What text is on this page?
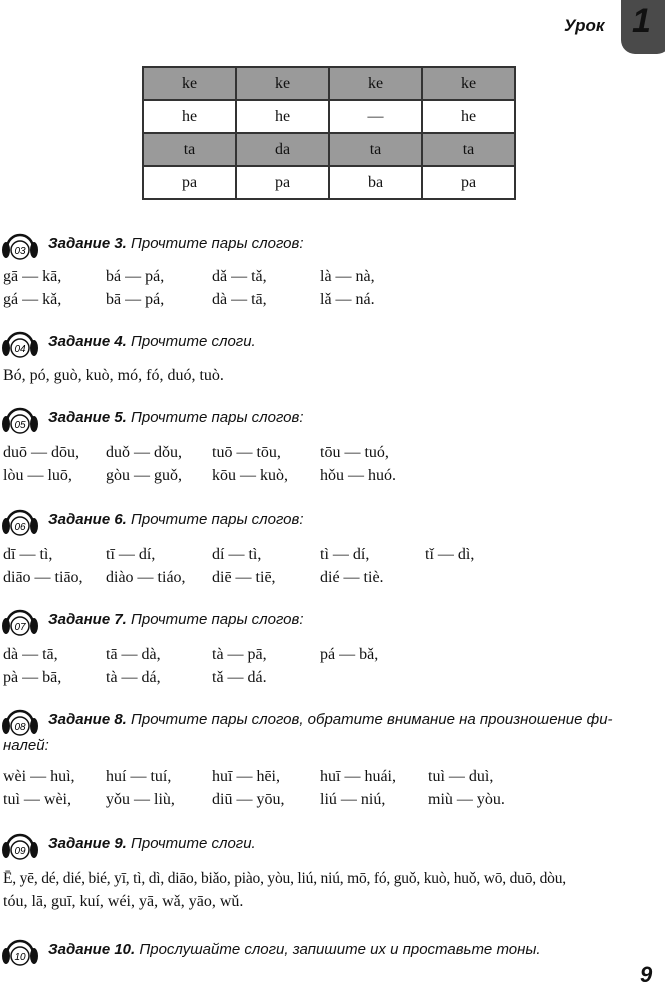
Урок 1
ke	ke	ke	ke
he	he	—	he
ta	da	ta	ta
pa	pa	ba	pa
03 Задание 3. Прочтите пары слогов:
gā — kā,	bá — pá,	dǎ — tǎ,	là — nà,
gá — kǎ,	bā — pá,	dà — tā,	lǎ — ná.
04 Задание 4. Прочтите слоги.
Bó, pó, guò, kuò, mó, fó, duó, tuò.
05 Задание 5. Прочтите пары слогов:
duō — dōu, duǒ — dǒu, tuō — tōu, tōu — tuó,
lòu — luō, gòu — guǒ, kōu — kuò, hǒu — huó.
06 Задание 6. Прочтите пары слогов:
dī — tì,	tī — dí,	dí — tì,	tì — dí,	tǐ — dì,
diāo — tiāo, diào — tiáo, diē — tiē,	dié — tiè.
07 Задание 7. Прочтите пары слогов:
dà — tā,	tā — dà,	tà — pā,	pá — bǎ,
pà — bā,	tà — dá,	tǎ — dá.
08 Задание 8. Прочтите пары слогов, обратите внимание на произношение фи-
налей:
wèi — huì, huí — tuí,	huī — hēi,	huī — huái, tuì — duì,
tuì — wèi, yǒu — liù, diū — yōu, liú — niú,	miù — yòu.
09 Задание 9. Прочтите слоги.
Ē, yē, dé, dié, bié, yī, tì, dì, diāo, biǎo, piào, yòu, liú, niú, mō, fó, guǒ, kuò, huǒ, wō, duō, dòu,
tóu, lā, guī, kuí, wéi, yā, wǎ, yāo, wǔ.
10 Задание 10. Прослушайте слоги, запишите их и проставьте тоны.
9
